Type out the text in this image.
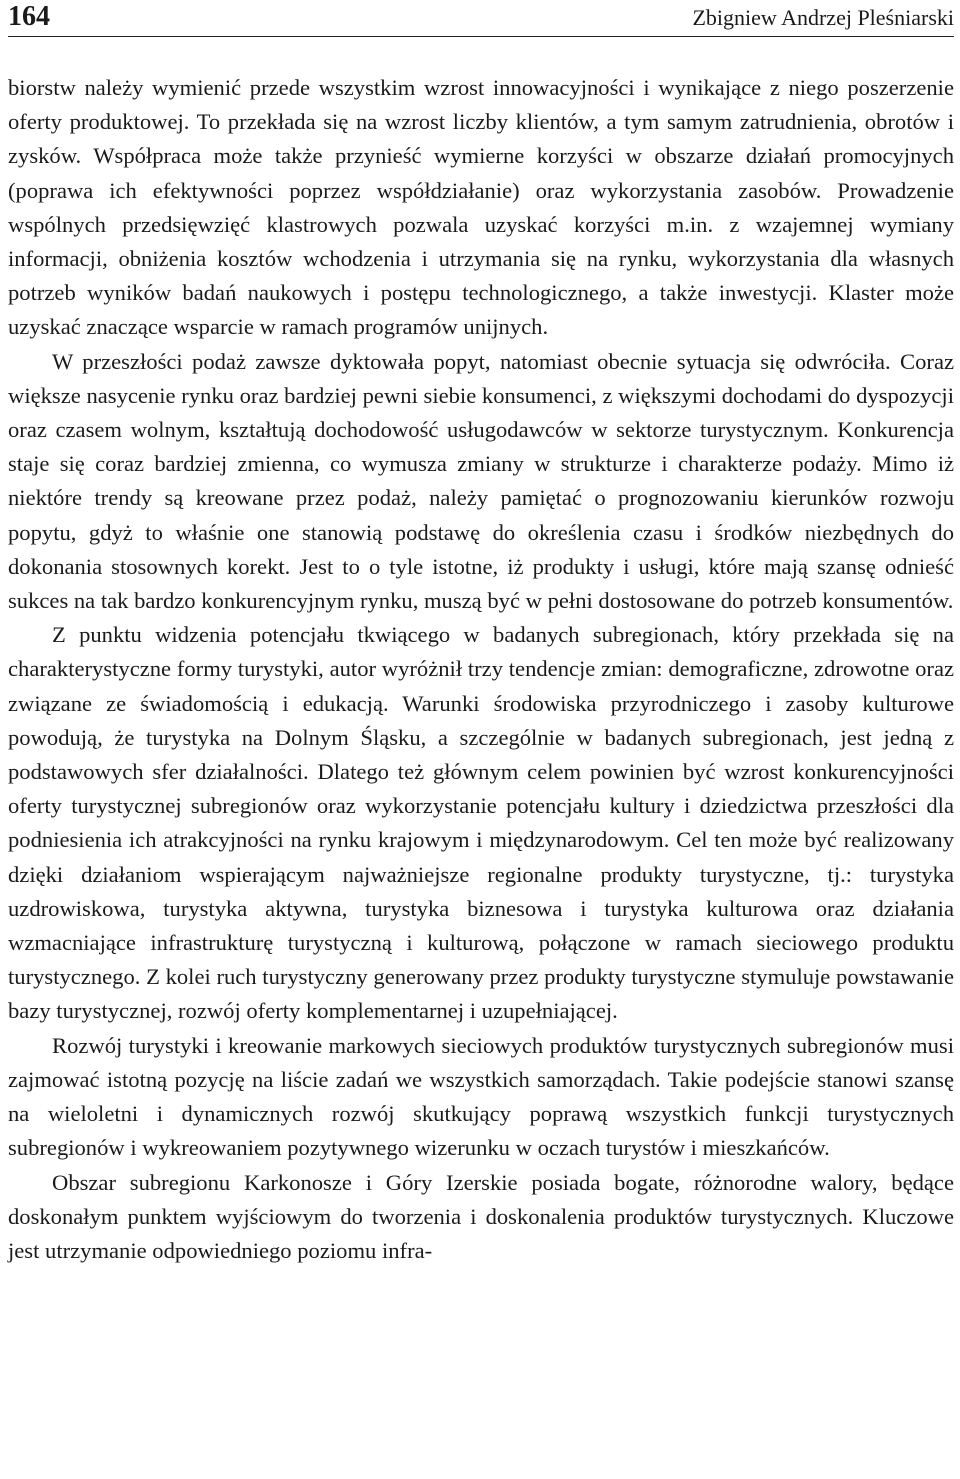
164	Zbigniew Andrzej Pleśniarski

biorstw należy wymienić przede wszystkim wzrost innowacyjności i wynikające z niego poszerzenie oferty produktowej. To przekłada się na wzrost liczby klientów, a tym samym zatrudnienia, obrotów i zysków. Współpraca może także przynieść wymierne korzyści w obszarze działań promocyjnych (poprawa ich efektywności poprzez współdziałanie) oraz wykorzystania zasobów. Prowadzenie wspólnych przedsięwzięć klastrowych pozwala uzyskać korzyści m.in. z wzajemnej wymiany informacji, obniżenia kosztów wchodzenia i utrzymania się na rynku, wykorzystania dla własnych potrzeb wyników badań naukowych i postępu technologicznego, a także inwestycji. Klaster może uzyskać znaczące wsparcie w ramach programów unijnych.

W przeszłości podaż zawsze dyktowała popyt, natomiast obecnie sytuacja się odwróciła. Coraz większe nasycenie rynku oraz bardziej pewni siebie konsumenci, z większymi dochodami do dyspozycji oraz czasem wolnym, kształtują dochodowość usługodawców w sektorze turystycznym. Konkurencja staje się coraz bardziej zmienna, co wymusza zmiany w strukturze i charakterze podaży. Mimo iż niektóre trendy są kreowane przez podaż, należy pamiętać o prognozowaniu kierunków rozwoju popytu, gdyż to właśnie one stanowią podstawę do określenia czasu i środków niezbędnych do dokonania stosownych korekt. Jest to o tyle istotne, iż produkty i usługi, które mają szansę odnieść sukces na tak bardzo konkurencyjnym rynku, muszą być w pełni dostosowane do potrzeb konsumentów.

Z punktu widzenia potencjału tkwiącego w badanych subregionach, który przekłada się na charakterystyczne formy turystyki, autor wyróżnił trzy tendencje zmian: demograficzne, zdrowotne oraz związane ze świadomością i edukacją. Warunki środowiska przyrodniczego i zasoby kulturowe powodują, że turystyka na Dolnym Śląsku, a szczególnie w badanych subregionach, jest jedną z podstawowych sfer działalności. Dlatego też głównym celem powinien być wzrost konkurencyjności oferty turystycznej subregionów oraz wykorzystanie potencjału kultury i dziedzictwa przeszłości dla podniesienia ich atrakcyjności na rynku krajowym i międzynarodowym. Cel ten może być realizowany dzięki działaniom wspierającym najważniejsze regionalne produkty turystyczne, tj.: turystyka uzdrowiskowa, turystyka aktywna, turystyka biznesowa i turystyka kulturowa oraz działania wzmacniające infrastrukturę turystyczną i kulturową, połączone w ramach sieciowego produktu turystycznego. Z kolei ruch turystyczny generowany przez produkty turystyczne stymuluje powstawanie bazy turystycznej, rozwój oferty komplementarnej i uzupełniającej.

Rozwój turystyki i kreowanie markowych sieciowych produktów turystycznych subregionów musi zajmować istotną pozycję na liście zadań we wszystkich samorządach. Takie podejście stanowi szansę na wieloletni i dynamicznych rozwój skutkujący poprawą wszystkich funkcji turystycznych subregionów i wykreowaniem pozytywnego wizerunku w oczach turystów i mieszkańców.

Obszar subregionu Karkonosze i Góry Izerskie posiada bogate, różnorodne walory, będące doskonałym punktem wyjściowym do tworzenia i doskonalenia produktów turystycznych. Kluczowe jest utrzymanie odpowiedniego poziomu infra-
